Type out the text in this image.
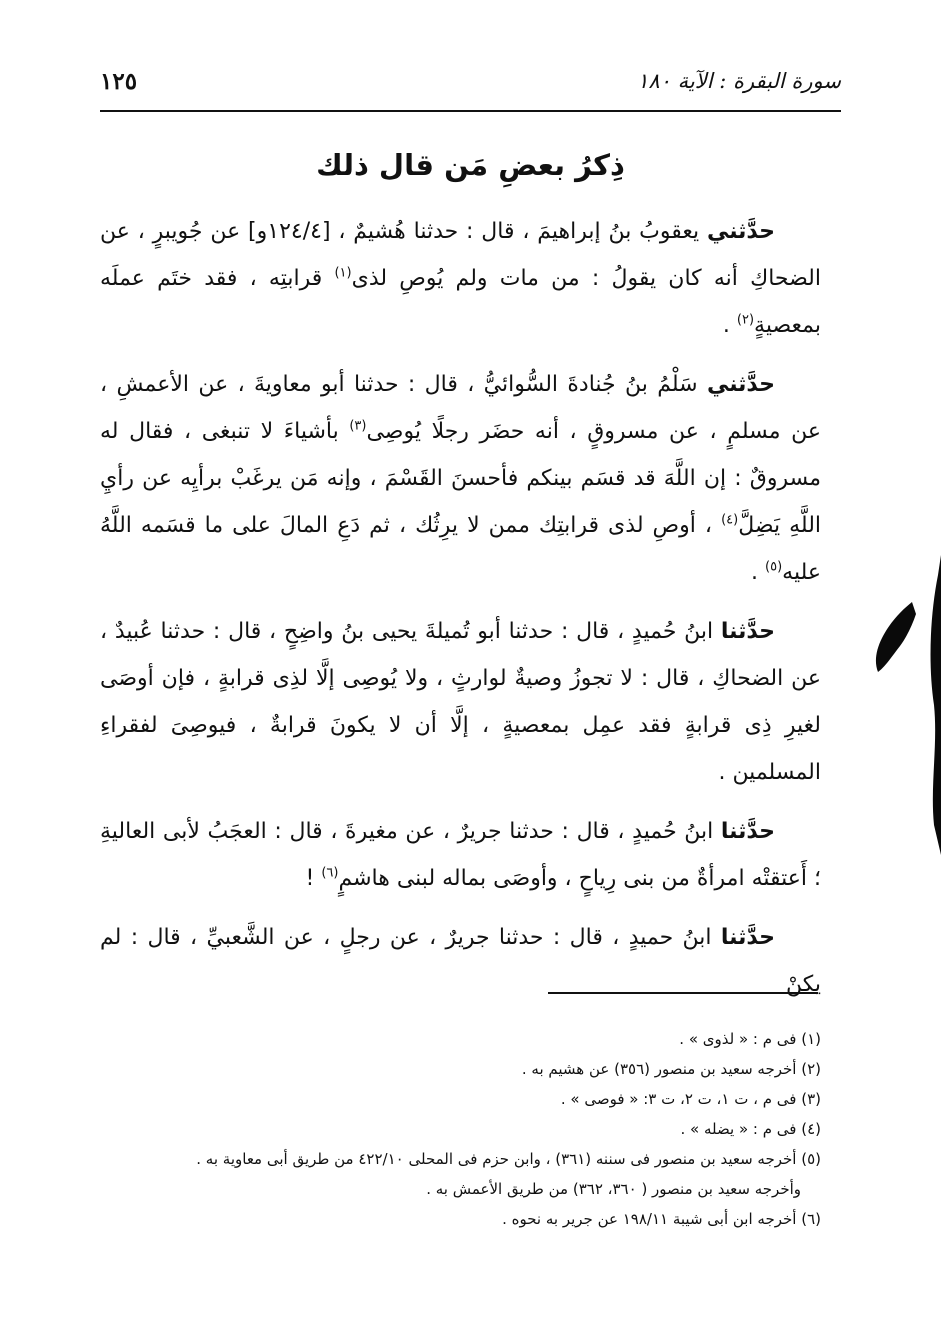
سورة البقرة : الآية ١٨٠
١٢٥
ذِكرُ بعضِ مَن قال ذلك

حدَّثني يعقوبُ بنُ إبراهيمَ ، قال : حدثنا هُشيمٌ ، [١٢٤/٤و] عن جُويبرٍ ، عن الضحاكِ أنه كان يقولُ : من مات ولم يُوصِ لذى$^{(١)}$ قرابتِه ، فقد ختَم عملَه بمعصيةٍ$^{(٢)}$ .

حدَّثني سَلْمُ بنُ جُنادةَ السُّوائيُّ ، قال : حدثنا أبو معاويةَ ، عن الأعمشِ ، عن مسلمٍ ، عن مسروقٍ ، أنه حضَر رجلًا يُوصِى$^{(٣)}$ بأشياءَ لا تنبغى ، فقال له مسروقٌ : إن اللَّهَ قد قسَم بينكم فأحسنَ القَسْمَ ، وإنه مَن يرغَبْ برأيِه عن رأيِ اللَّهِ يَضِلَّ$^{(٤)}$ ، أوصِ لذى قرابتِك ممن لا يرِثُك ، ثم دَعِ المالَ على ما قسَمه اللَّهُ عليه$^{(٥)}$ .

حدَّثنا ابنُ حُميدٍ ، قال : حدثنا أبو تُميلةَ يحيى بنُ واضِحٍ ، قال : حدثنا عُبيدٌ ، عن الضحاكِ ، قال : لا تجوزُ وصيةٌ لوارثٍ ، ولا يُوصِى إلَّا لذِى قرابةٍ ، فإن أوصَى لغيرِ ذِى قرابةٍ فقد عمِل بمعصيةٍ ، إلَّا أن لا يكونَ قرابةٌ ، فيوصِىَ لفقراءِ المسلمين .

حدَّثنا ابنُ حُميدٍ ، قال : حدثنا جريرٌ ، عن مغيرةَ ، قال : العجَبُ لأبى العاليةِ ؛ أَعتقتْه امرأةٌ من بنى رِياحٍ ، وأوصَى بماله لبنى هاشمٍ$^{(٦)}$ !

حدَّثنا ابنُ حميدٍ ، قال : حدثنا جريرٌ ، عن رجلٍ ، عن الشَّعبيِّ ، قال : لم يكنْ

(١) فى م : « لذوى » .

(٢) أخرجه سعيد بن منصور (٣٥٦) عن هشيم به .

(٣) فى م ، ت ١، ت ٢، ت ٣: « فوصى » .

(٤) فى م : « يضله » .

(٥) أخرجه سعيد بن منصور فى سننه (٣٦١) ، وابن حزم فى المحلى ٤٢٢/١٠ من طريق أبى معاوية به .

وأخرجه سعيد بن منصور ( ٣٦٠، ٣٦٢) من طريق الأعمش به .

(٦) أخرجه ابن أبى شيبة ١٩٨/١١ عن جرير به نحوه .
